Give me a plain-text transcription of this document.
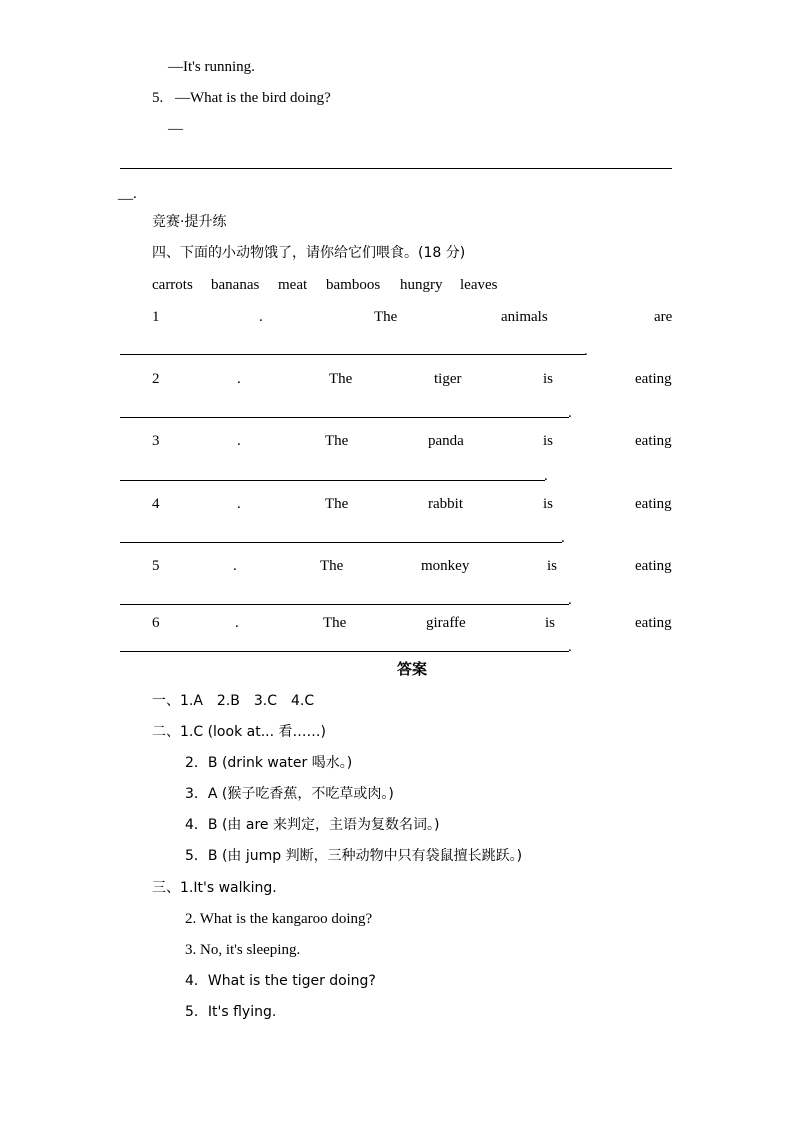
—It's running.
5. —What is the bird doing?
—
__.
竞赛·提升练
四、下面的小动物饿了，请你给它们喂食。(18 分)
carrots bananas meat bamboos hungry leaves
1	.	The	animals	are
.
2	.	The	tiger	is	eating
.
3	.	The	panda	is	eating
.
4	.	The	rabbit	is	eating
.
5	.	The	monkey	is	eating
.
6	.	The	giraffe	is	eating
.
答案
一、1.A　2.B　3.C　4.C
二、1.C (look at... 看……)
2．B (drink water 喝水。)
3．A (猴子吃香蕉，不吃草或肉。)
4．B (由 are 来判定，主语为复数名词。)
5．B (由 jump 判断，三种动物中只有袋鼠擅长跳跃。)
三、1.It's walking.
2. What is the kangaroo doing?
3. No, it's sleeping.
4．What is the tiger doing?
5．It's flying.
